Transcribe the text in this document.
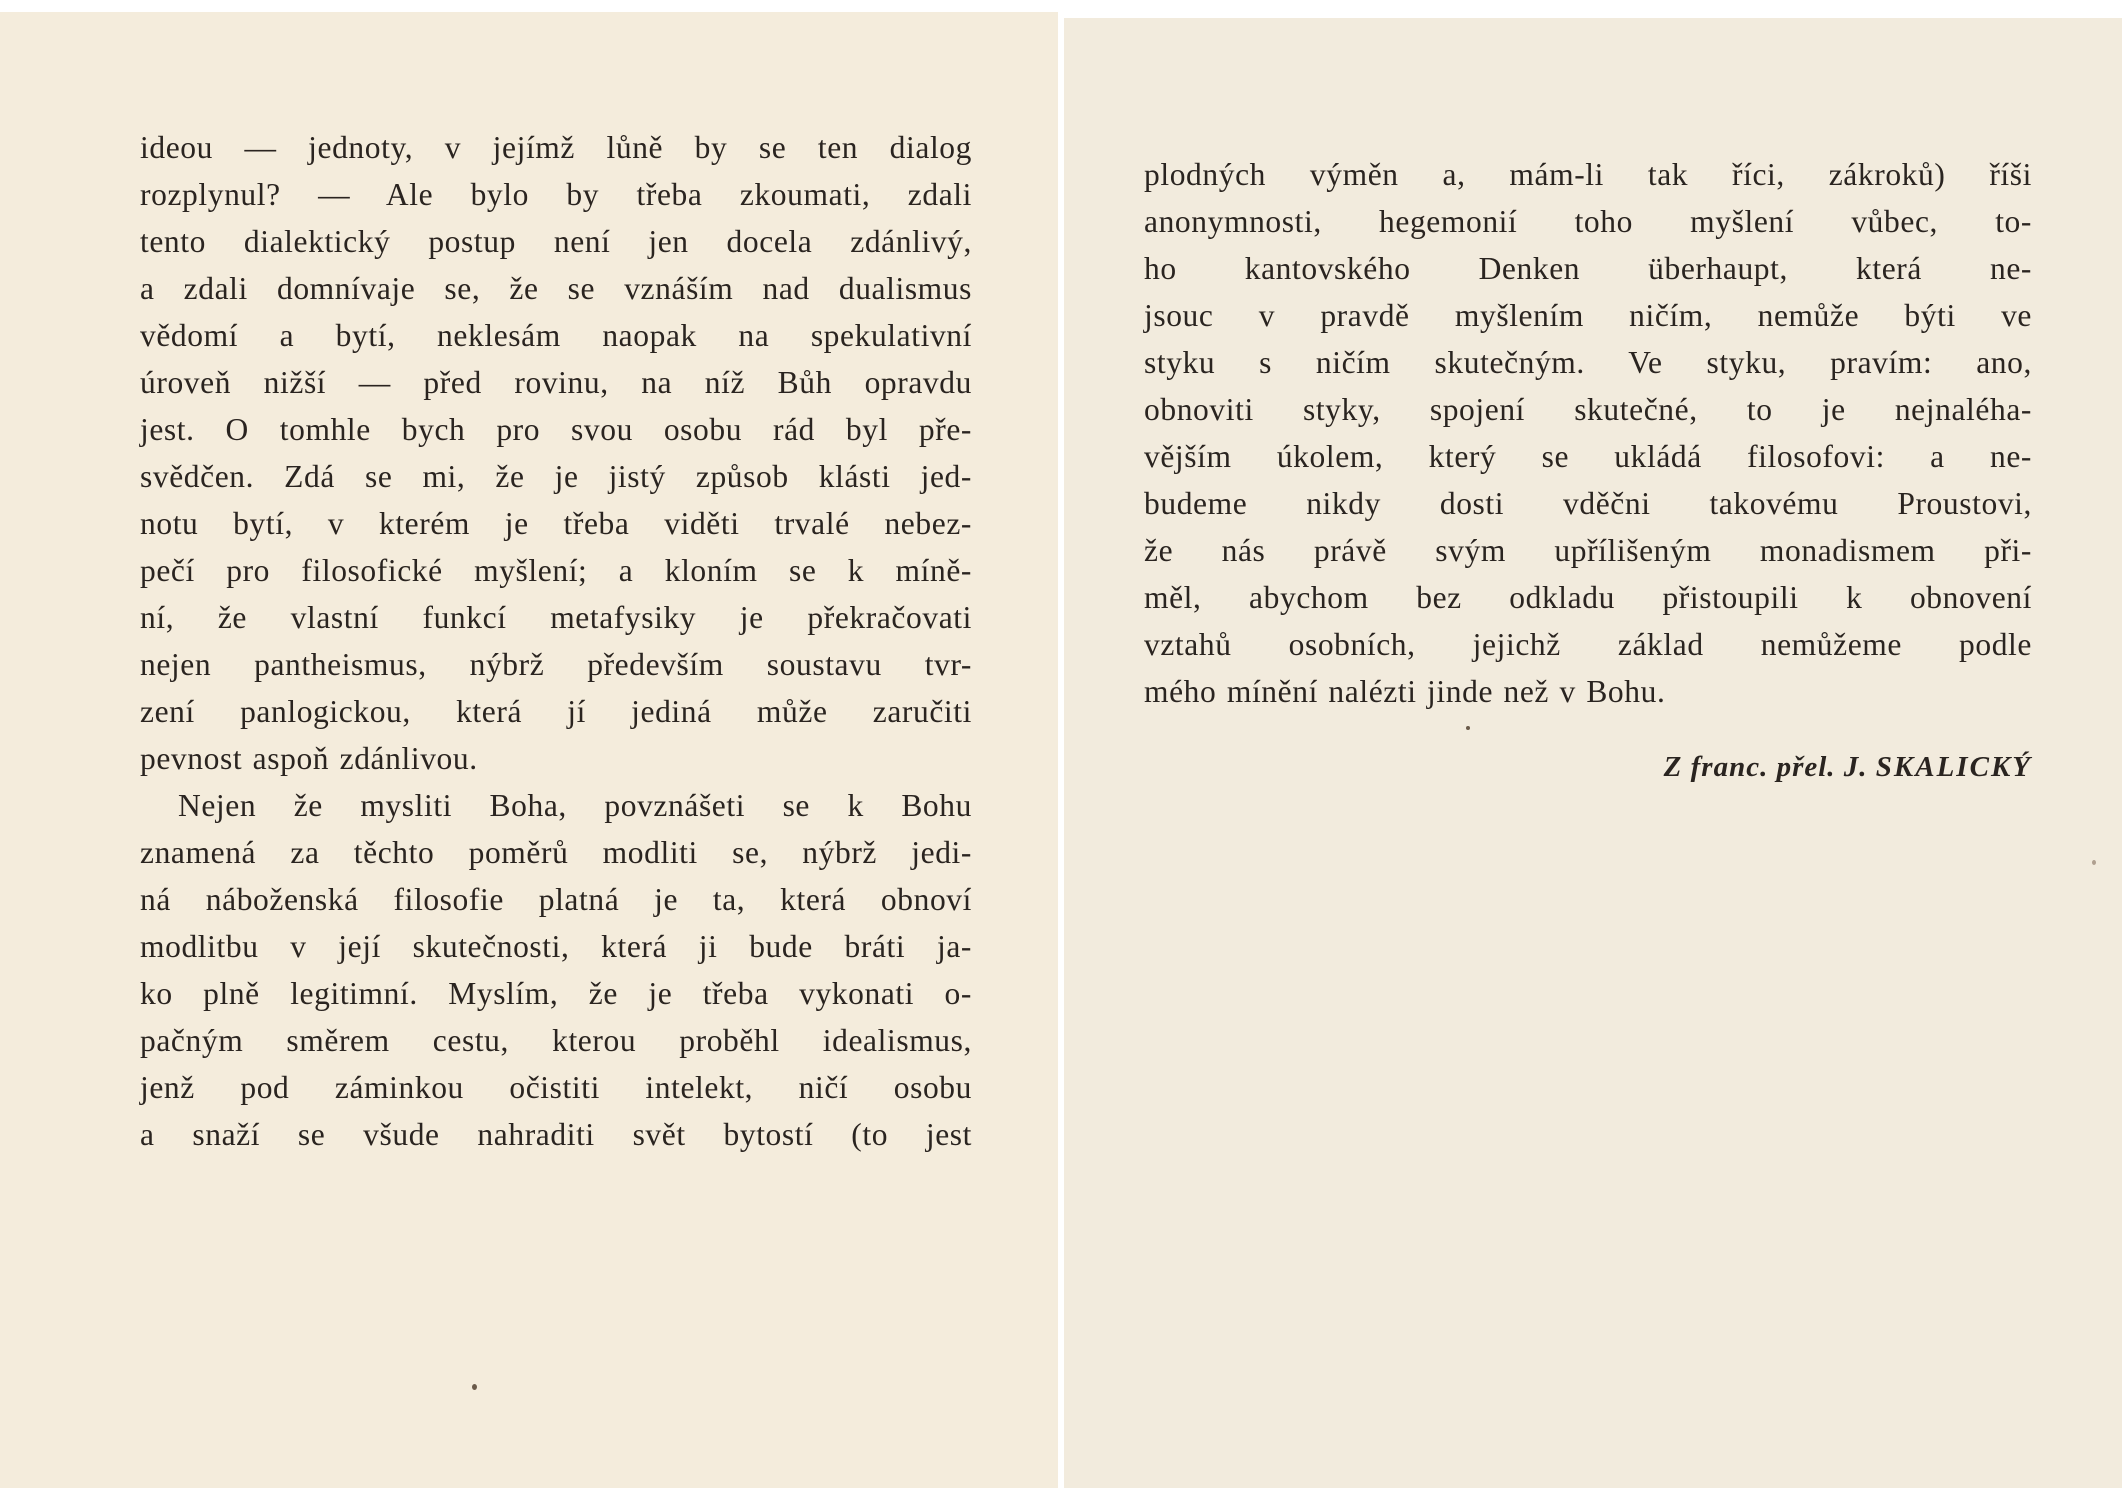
ideou — jednoty, v jejímž lůně by se ten dialog
rozplynul? — Ale bylo by třeba zkoumati, zdali
tento dialektický postup není jen docela zdánlivý,
a zdali domnívaje se, že se vznáším nad dualismus
vědomí a bytí, neklesám naopak na spekulativní
úroveň nižší — před rovinu, na níž Bůh opravdu
jest. O tomhle bych pro svou osobu rád byl pře-
svědčen. Zdá se mi, že je jistý způsob klásti jed-
notu bytí, v kterém je třeba viděti trvalé nebez-
pečí pro filosofické myšlení; a kloním se k míně-
ní, že vlastní funkcí metafysiky je překračovati
nejen pantheismus, nýbrž především soustavu tvr-
zení panlogickou, která jí jediná může zaručiti
pevnost aspoň zdánlivou.
Nejen že mysliti Boha, povznášeti se k Bohu
znamená za těchto poměrů modliti se, nýbrž jedi-
ná náboženská filosofie platná je ta, která obnoví
modlitbu v její skutečnosti, která ji bude bráti ja-
ko plně legitimní. Myslím, že je třeba vykonati o-
pačným směrem cestu, kterou proběhl idealismus,
jenž pod záminkou očistiti intelekt, ničí osobu
a snaží se všude nahraditi svět bytostí (to jest
plodných výměn a, mám-li tak říci, zákroků) říši
anonymnosti, hegemonií toho myšlení vůbec, to-
ho kantovského Denken überhaupt, která ne-
jsouc v pravdě myšlením ničím, nemůže býti ve
styku s ničím skutečným. Ve styku, pravím: ano,
obnoviti styky, spojení skutečné, to je nejnaléha-
vějším úkolem, který se ukládá filosofovi: a ne-
budeme nikdy dosti vděčni takovému Proustovi,
že nás právě svým upřílišeným monadismem při-
měl, abychom bez odkladu přistoupili k obnovení
vztahů osobních, jejichž základ nemůžeme podle
mého mínění nalézti jinde než v Bohu.
Z franc. přel. J. SKALICKÝ
